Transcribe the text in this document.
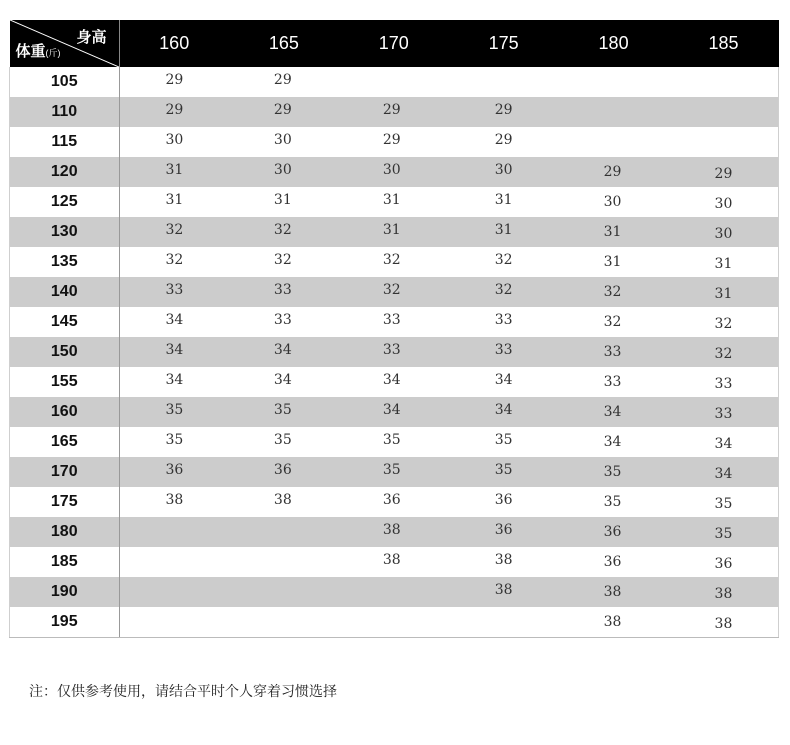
身高
体重(斤)	160	165	170	175	180	185
105	29	29				

110	29	29	29	29		

115	30	30	29	29		

120	31	30	30	30	29	29

125	31	31	31	31	30	30

130	32	32	31	31	31	30

135	32	32	32	32	31	31

140	33	33	32	32	32	31

145	34	33	33	33	32	32

150	34	34	33	33	33	32

155	34	34	34	34	33	33

160	35	35	34	34	34	33

165	35	35	35	35	34	34

170	36	36	35	35	35	34

175	38	38	36	36	35	35

180			38	36	36	35

185			38	38	36	36

190				38	38	38

195					38	38
注：仅供参考使用，请结合平时个人穿着习惯选择
